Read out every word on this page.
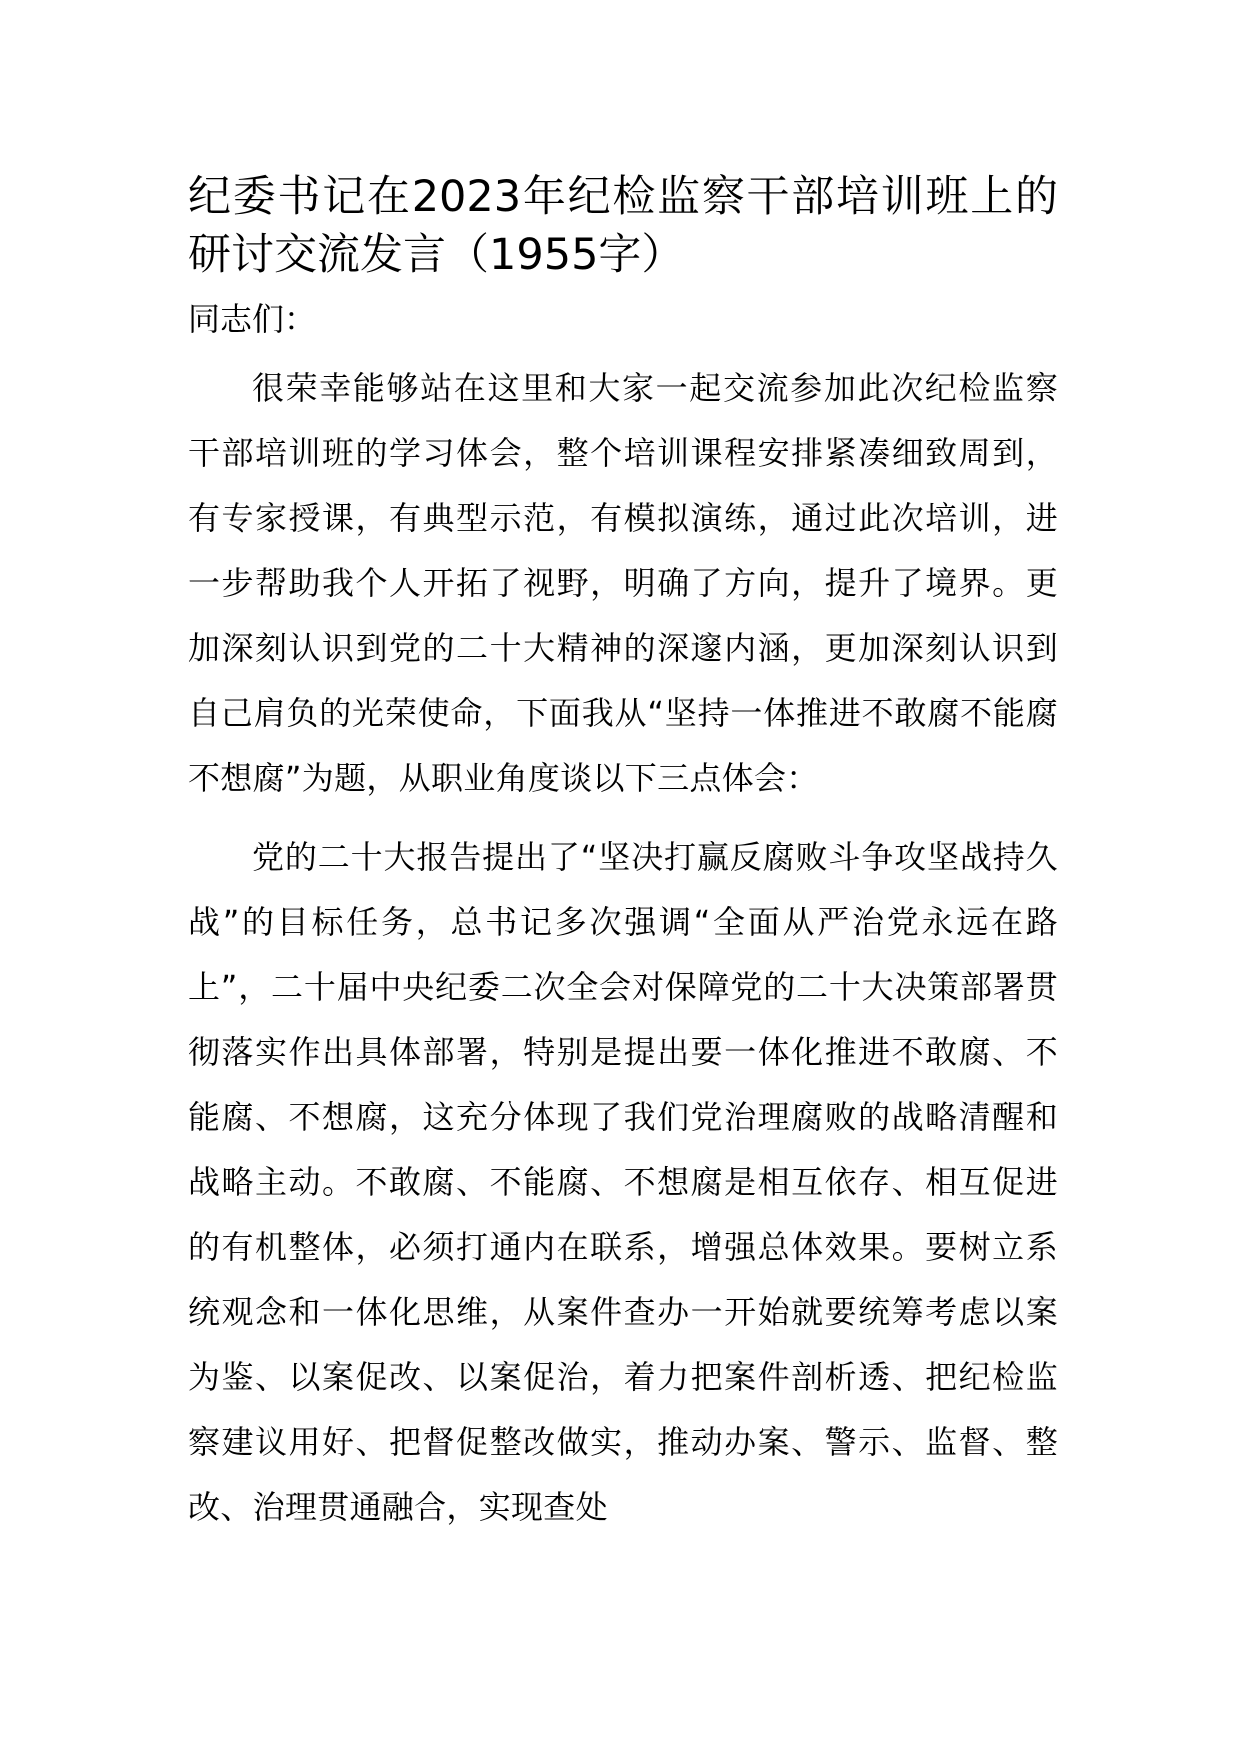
纪委书记在2023年纪检监察干部培训班上的研讨交流发言（1955字）

同志们：

很荣幸能够站在这里和大家一起交流参加此次纪检监察干部培训班的学习体会，整个培训课程安排紧凑细致周到，有专家授课，有典型示范，有模拟演练，通过此次培训，进一步帮助我个人开拓了视野，明确了方向，提升了境界。更加深刻认识到党的二十大精神的深邃内涵，更加深刻认识到自己肩负的光荣使命，下面我从“坚持一体推进不敢腐不能腐不想腐”为题，从职业角度谈以下三点体会：

党的二十大报告提出了“坚决打赢反腐败斗争攻坚战持久战”的目标任务，总书记多次强调“全面从严治党永远在路上”，二十届中央纪委二次全会对保障党的二十大决策部署贯彻落实作出具体部署，特别是提出要一体化推进不敢腐、不能腐、不想腐，这充分体现了我们党治理腐败的战略清醒和战略主动。不敢腐、不能腐、不想腐是相互依存、相互促进的有机整体，必须打通内在联系，增强总体效果。要树立系统观念和一体化思维，从案件查办一开始就要统筹考虑以案为鉴、以案促改、以案促治，着力把案件剖析透、把纪检监察建议用好、把督促整改做实，推动办案、警示、监督、整改、治理贯通融合，实现查处
